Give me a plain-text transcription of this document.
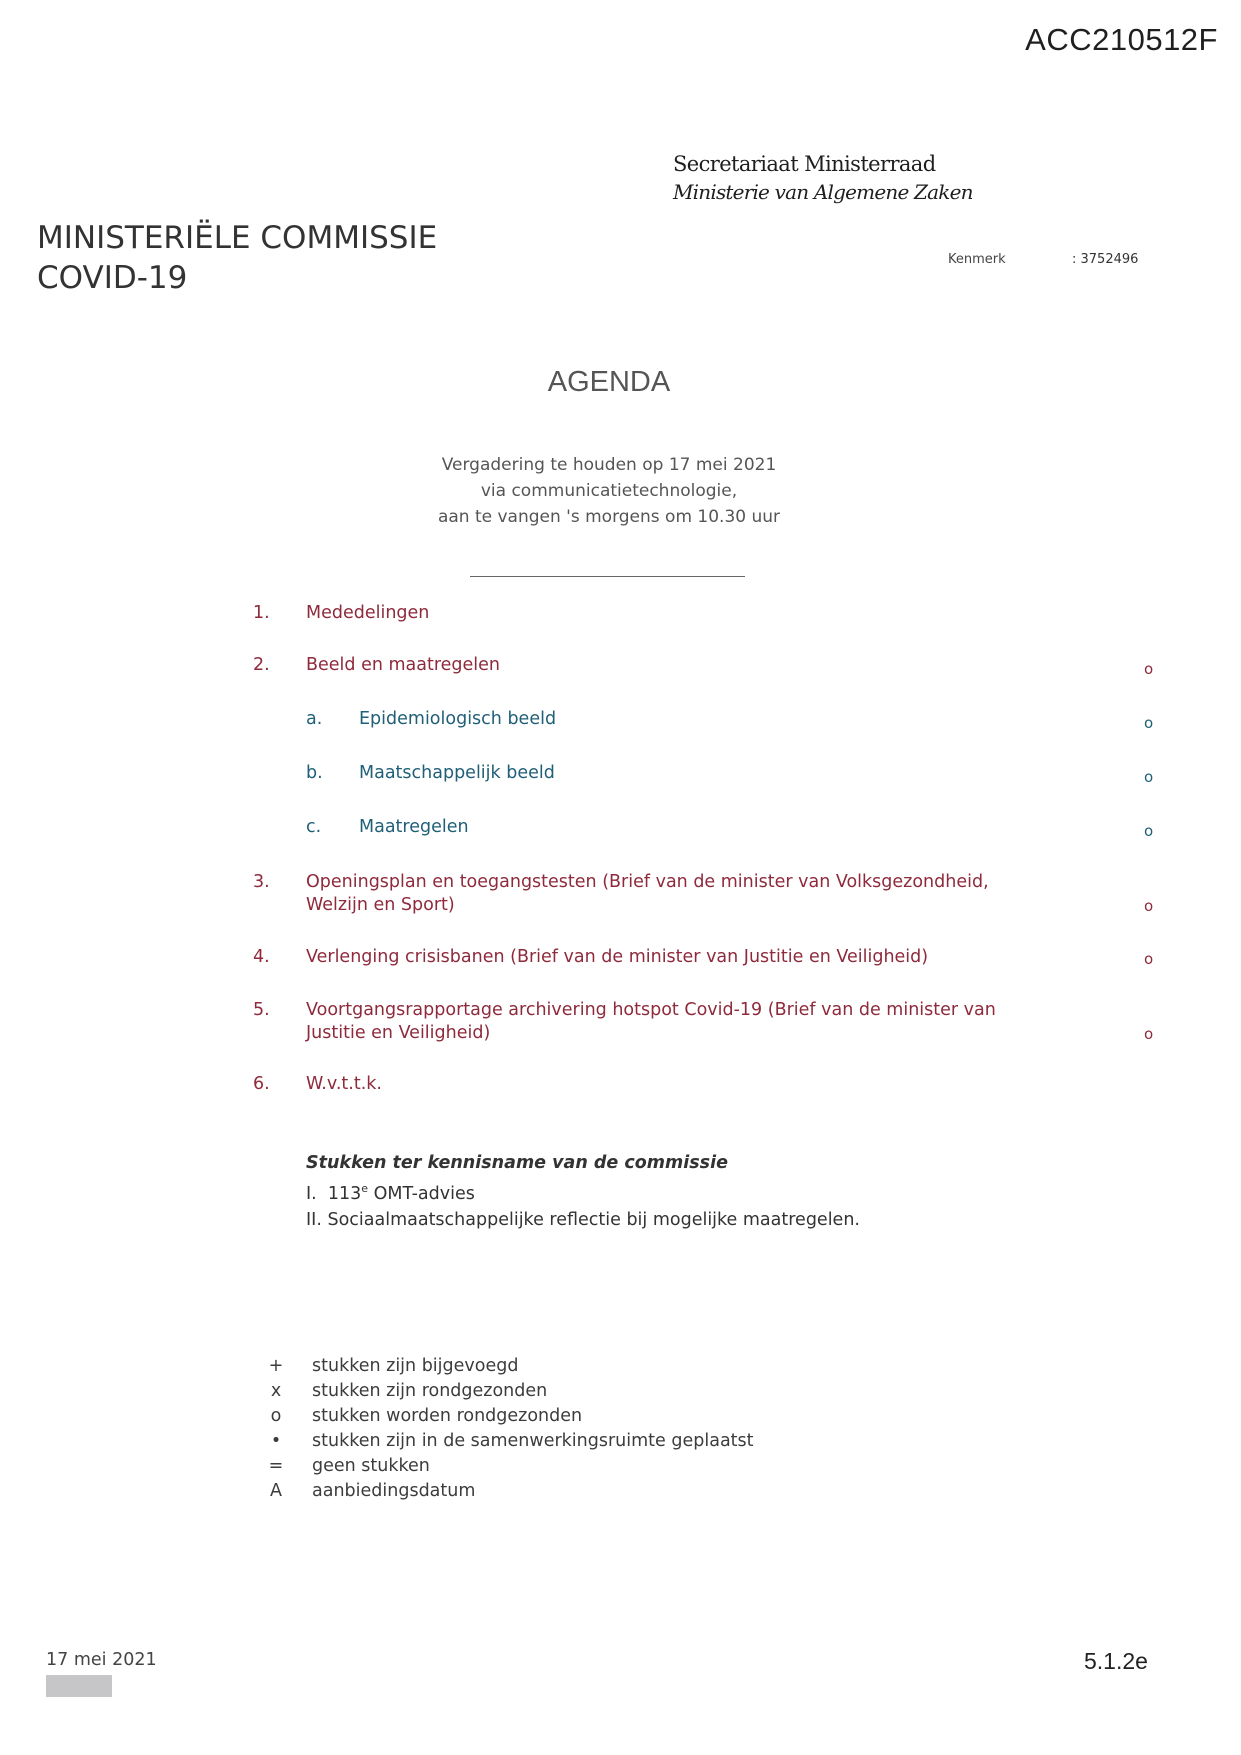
ACC210512F
Secretariaat Ministerraad
Ministerie van Algemene Zaken
MINISTERIËLE COMMISSIE
COVID-19
Kenmerk	: 3752496
AGENDA
Vergadering te houden op 17 mei 2021
via communicatietechnologie,
aan te vangen 's morgens om 10.30 uur
1. Mededelingen
2. Beeld en maatregelen	o
a. Epidemiologisch beeld	o
b. Maatschappelijk beeld	o
c. Maatregelen	o
3. Openingsplan en toegangstesten (Brief van de minister van Volksgezondheid, Welzijn en Sport)	o
4. Verlenging crisisbanen (Brief van de minister van Justitie en Veiligheid)	o
5. Voortgangsrapportage archivering hotspot Covid-19 (Brief van de minister van Justitie en Veiligheid)	o
6. W.v.t.t.k.
Stukken ter kennisname van de commissie
I. 113e OMT-advies
II. Sociaalmaatschappelijke reflectie bij mogelijke maatregelen.
+ stukken zijn bijgevoegd
x stukken zijn rondgezonden
o stukken worden rondgezonden
• stukken zijn in de samenwerkingsruimte geplaatst
= geen stukken
A aanbiedingsdatum
17 mei 2021	5.1.2e
